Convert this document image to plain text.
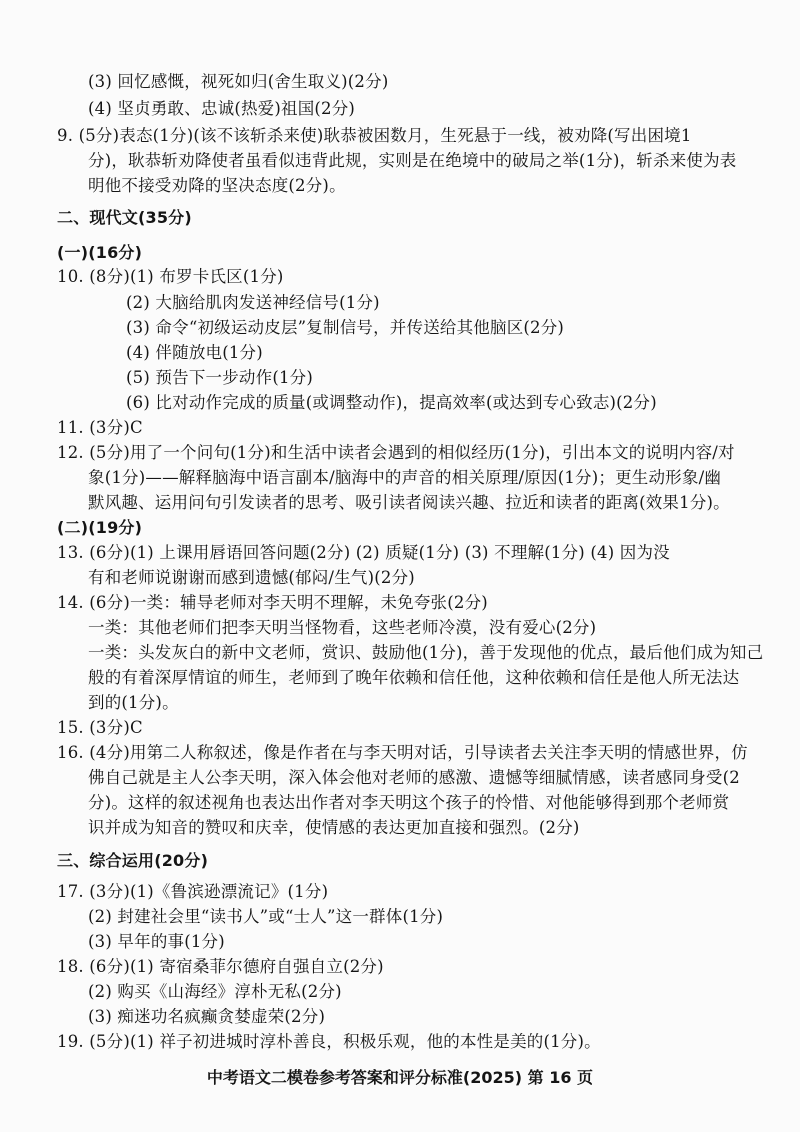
(3) 回忆感慨，视死如归(舍生取义)(2分)
(4) 坚贞勇敢、忠诚(热爱)祖国(2分)
9. (5分)表态(1分)(该不该斩杀来使)耿恭被困数月，生死悬于一线，被劝降(写出困境1
分)，耿恭斩劝降使者虽看似违背此规，实则是在绝境中的破局之举(1分)，斩杀来使为表
明他不接受劝降的坚决态度(2分)。
二、现代文(35分)
(一)(16分)
10. (8分)(1) 布罗卡氏区(1分)
(2) 大脑给肌肉发送神经信号(1分)
(3) 命令“初级运动皮层”复制信号，并传送给其他脑区(2分)
(4) 伴随放电(1分)
(5) 预告下一步动作(1分)
(6) 比对动作完成的质量(或调整动作)，提高效率(或达到专心致志)(2分)
11. (3分)C
12. (5分)用了一个问句(1分)和生活中读者会遇到的相似经历(1分)，引出本文的说明内容/对
象(1分)——解释脑海中语言副本/脑海中的声音的相关原理/原因(1分)；更生动形象/幽
默风趣、运用问句引发读者的思考、吸引读者阅读兴趣、拉近和读者的距离(效果1分)。
(二)(19分)
13. (6分)(1) 上课用唇语回答问题(2分) (2) 质疑(1分) (3) 不理解(1分) (4) 因为没
有和老师说谢谢而感到遗憾(郁闷/生气)(2分)
14. (6分)一类：辅导老师对李天明不理解，未免夸张(2分)
一类：其他老师们把李天明当怪物看，这些老师冷漠，没有爱心(2分)
一类：头发灰白的新中文老师，赏识、鼓励他(1分)，善于发现他的优点，最后他们成为知己
般的有着深厚情谊的师生，老师到了晚年依赖和信任他，这种依赖和信任是他人所无法达
到的(1分)。
15. (3分)C
16. (4分)用第二人称叙述，像是作者在与李天明对话，引导读者去关注李天明的情感世界，仿
佛自己就是主人公李天明，深入体会他对老师的感激、遗憾等细腻情感，读者感同身受(2
分)。这样的叙述视角也表达出作者对李天明这个孩子的怜惜、对他能够得到那个老师赏
识并成为知音的赞叹和庆幸，使情感的表达更加直接和强烈。(2分)
三、综合运用(20分)
17. (3分)(1)《鲁滨逊漂流记》(1分)
(2) 封建社会里“读书人”或“士人”这一群体(1分)
(3) 早年的事(1分)
18. (6分)(1) 寄宿桑菲尔德府自强自立(2分)
(2) 购买《山海经》淳朴无私(2分)
(3) 痴迷功名疯癫贪婪虚荣(2分)
19. (5分)(1) 祥子初进城时淳朴善良，积极乐观，他的本性是美的(1分)。
中考语文二模卷参考答案和评分标准(2025) 第 16 页
